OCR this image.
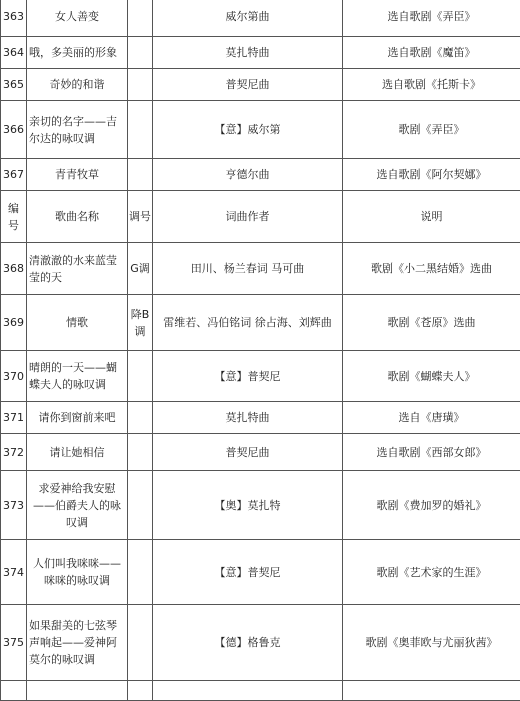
363	女人善变		威尔第曲	选自歌剧《弄臣》
364	哦，多美丽的形象		莫扎特曲	选自歌剧《魔笛》
365	奇妙的和谐		普契尼曲	选自歌剧《托斯卡》
366	亲切的名字——吉尔达的咏叹调		【意】威尔第	歌剧《弄臣》
367	青青牧草		亨德尔曲	选自歌剧《阿尔契娜》
编号	歌曲名称	调号	词曲作者	说明
368	清澈澈的水来蓝莹莹的天	G调	田川、杨兰春词 马可曲	歌剧《小二黑结婚》选曲
369	情歌	降B调	雷维若、冯伯铭词 徐占海、刘辉曲	歌剧《苍原》选曲
370	晴朗的一天——蝴蝶夫人的咏叹调		【意】普契尼	歌剧《蝴蝶夫人》
371	请你到窗前来吧		莫扎特曲	选自《唐璜》
372	请让她相信		普契尼曲	选自歌剧《西部女郎》
373	求爱神给我安慰——伯爵夫人的咏叹调		【奥】莫扎特	歌剧《费加罗的婚礼》
374	人们叫我咪咪——咪咪的咏叹调		【意】普契尼	歌剧《艺术家的生涯》
375	如果甜美的七弦琴声响起——爱神阿莫尔的咏叹调		【德】格鲁克	歌剧《奥菲欧与尤丽狄茜》
